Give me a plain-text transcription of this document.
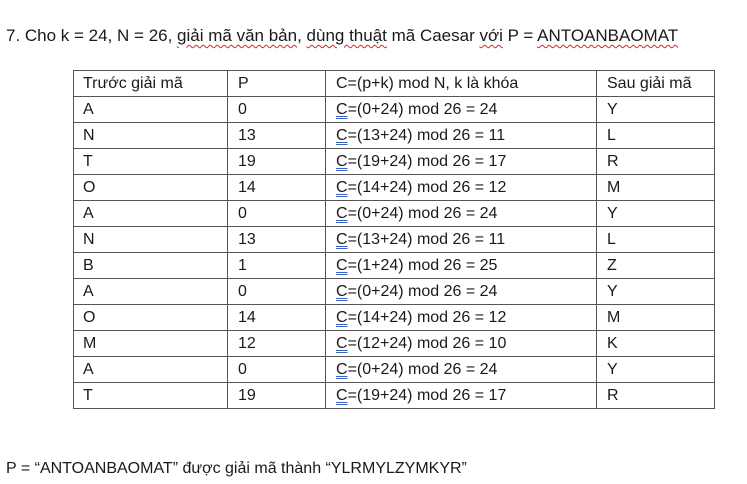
7. Cho k = 24, N = 26, giải mã văn bản, dùng thuật mã Caesar với P = ANTOANBAOMAT
Trước giải mã	P	C=(p+k) mod N, k là khóa	Sau giải mã
A	0	C=(0+24) mod 26 = 24	Y
N	13	C=(13+24) mod 26 = 11	L
T	19	C=(19+24) mod 26 = 17	R
O	14	C=(14+24) mod 26 = 12	M
A	0	C=(0+24) mod 26 = 24	Y
N	13	C=(13+24) mod 26 = 11	L
B	1	C=(1+24) mod 26 = 25	Z
A	0	C=(0+24) mod 26 = 24	Y
O	14	C=(14+24) mod 26 = 12	M
M	12	C=(12+24) mod 26 = 10	K
A	0	C=(0+24) mod 26 = 24	Y
T	19	C=(19+24) mod 26 = 17	R
P = “ANTOANBAOMAT” được giải mã thành “YLRMYLZYMKYR”
